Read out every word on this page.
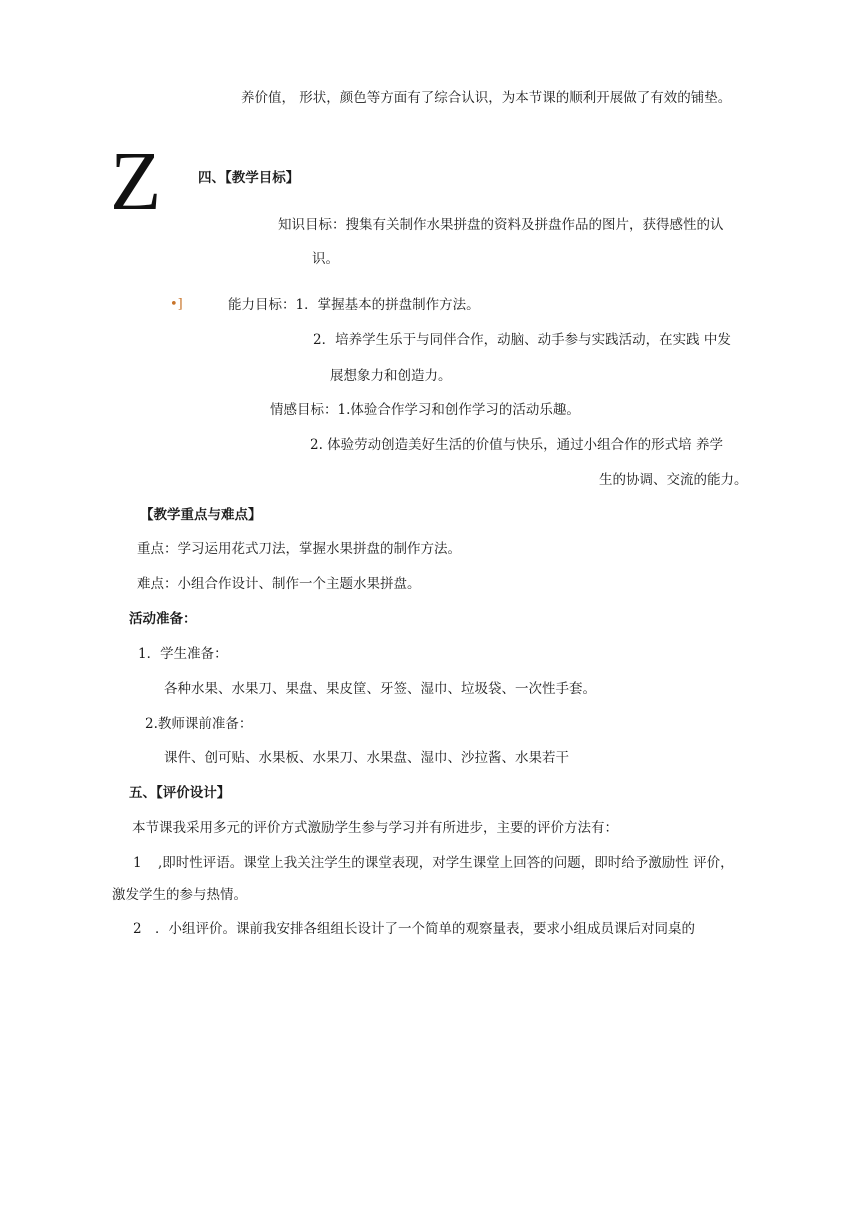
养价值， 形状，颜色等方面有了综合认识，为本节课的顺利开展做了有效的铺垫。
Z	四、【教学目标】
知识目标：搜集有关制作水果拼盘的资料及拼盘作品的图片，获得感性的认
识。
•]	能力目标：1．掌握基本的拼盘制作方法。
2．培养学生乐于与同伴合作，动脑、动手参与实践活动，在实践 中发
展想象力和创造力。
情感目标：1.体验合作学习和创作学习的活动乐趣。
2. 体验劳动创造美好生活的价值与快乐，通过小组合作的形式培 养学
生的协调、交流的能力。
【教学重点与难点】
重点：学习运用花式刀法，掌握水果拼盘的制作方法。
难点：小组合作设计、制作一个主题水果拼盘。
活动准备：
1．学生准备：
各种水果、水果刀、果盘、果皮筐、牙签、湿巾、垃圾袋、一次性手套。
2.教师课前准备：
课件、创可贴、水果板、水果刀、水果盘、湿巾、沙拉酱、水果若干
五、【评价设计】
本节课我采用多元的评价方式激励学生参与学习并有所进步，主要的评价方法有：
1 ,即时性评语。课堂上我关注学生的课堂表现，对学生课堂上回答的问题，即时给予激励性 评价，
激发学生的参与热情。
2 ．小组评价。课前我安排各组组长设计了一个简单的观察量表，要求小组成员课后对同桌的
